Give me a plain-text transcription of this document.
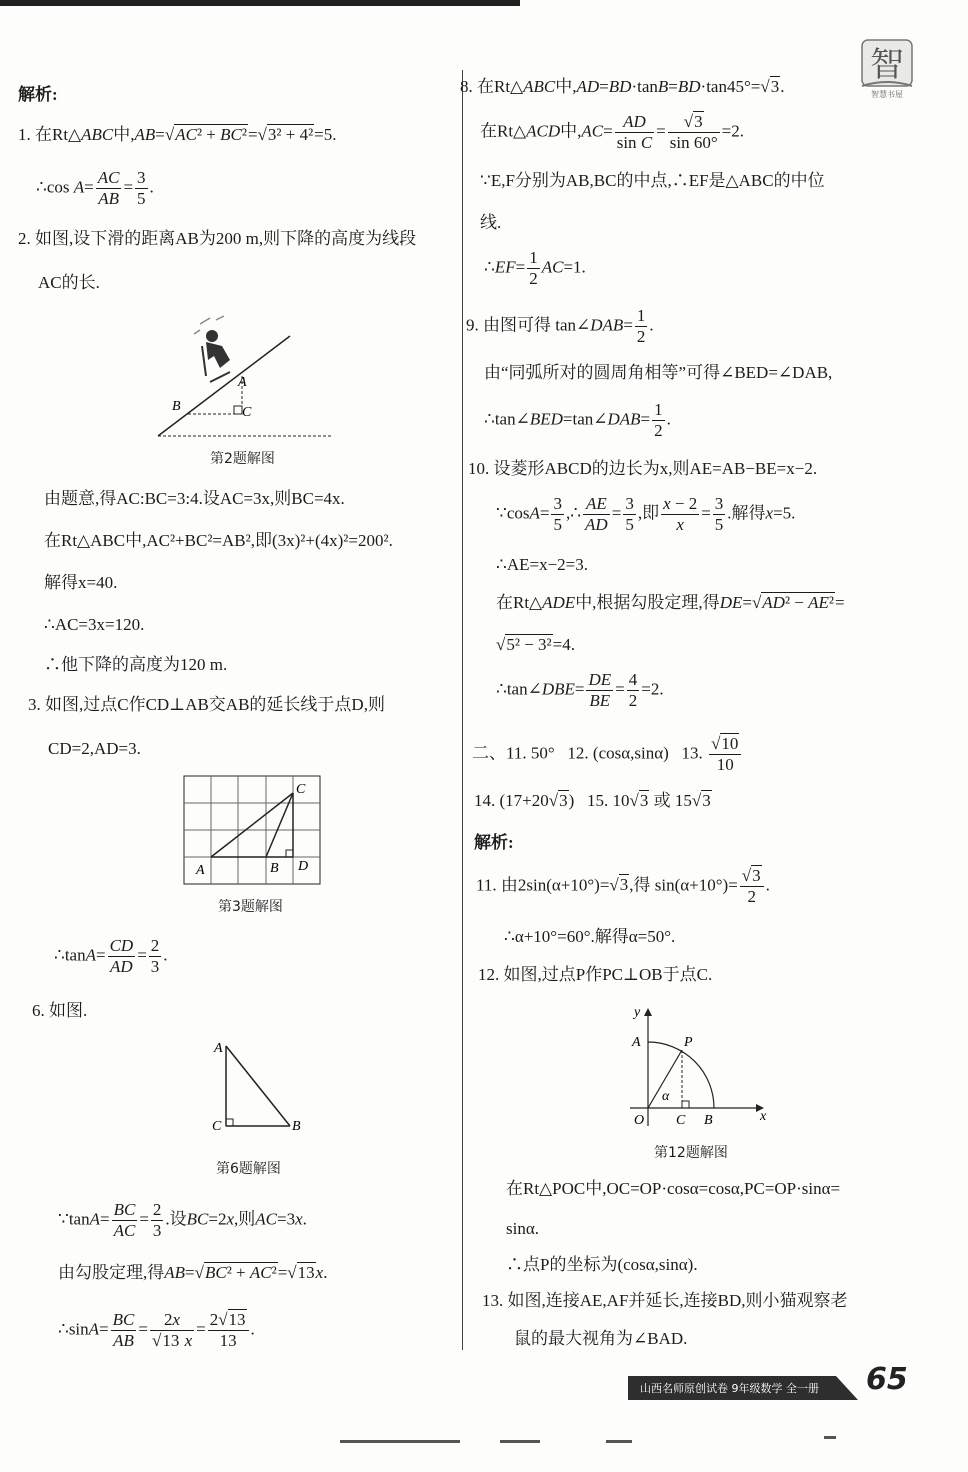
智
智慧书屋
解析:
1. 在Rt△ABC中,AB=√AC² + BC²=√3² + 4²=5.
∴cos $A= \frac{AC}{AB} = \frac{3}{5}$ .
2. 如图,设下滑的距离AB为200 m,则下降的高度为线段
AC的长.
A
B	C
第2题解图
由题意,得AC:BC=3:4.设AC=3x,则BC=4x.
在Rt△ABC中,AC²+BC²=AB²,即(3x)²+(4x)²=200².
解得x=40.
∴AC=3x=120.
∴他下降的高度为120 m.
3. 如图,过点C作CD⊥AB交AB的延长线于点D,则
CD=2,AD=3.
A	B
C
D
第3题解图
∴tanA= $\frac{CD}{AD} = \frac{2}{3}$ .
6. 如图.
A
C	B
第6题解图
∵tanA= $\frac{BC}{AC} = \frac{2}{3}$ .设BC=2x,则AC=3x.
由勾股定理,得AB=√BC² + AC²=√13x.
∴sinA= $\frac{BC}{AB} = \frac{2x}{√13 x} = \frac{2√13}{13}$ .
8. 在Rt△ABC中,AD=BD·tanB=BD·tan45°=√3.
在Rt△ACD中$,AC= \frac{AD}{\text{sin C}} = \frac{√3}{\sin 60^\circ} =2$.
∵E,F分别为AB,BC的中点,∴EF是△ABC的中位
线.
∴EF= $\frac{1}{2} AC=1$.
9. 由图可得 tan∠DAB= $\frac{1}{2}$ .
由“同弧所对的圆周角相等”可得∠BED=∠DAB,
∴tan∠BED=tan∠DAB= $\frac{1}{2}$ .
10. 设菱形ABCD的边长为x,则AE=AB−BE=x−2.
∵cosA= $\frac{3}{5}$ ,∴ $\frac{AE}{AD} = \frac{3}{5}$ ,即 $\frac{x - 2}{x} = \frac{3}{5}$ .解得x=5.
∴AE=x−2=3.
在Rt△ADE中,根据勾股定理,得DE=√AD² − AE²=
√5² − 3²=4.
∴tan∠DBE= $\frac{DE}{BE} = \frac{4}{2} =2$.
二、11. 50°   12. (cosα,sinα)   13. $\frac{√10}{10}$
14. (17+20√3)   15. 10√3 或 15√3
解析:
11. 由2sin(α+10°)=√3,得 $\sin(\alpha+10^\circ)= \frac{√3}{2}$ .
∴α+10°=60°.解得α=50°.
12. 如图,过点P作PC⊥OB于点C.
y
x
A	P
O C B
α
第12题解图
在Rt△POC中,OC=OP·cosα=cosα,PC=OP·sinα=
sinα.
∴点P的坐标为(cosα,sinα).
13. 如图,连接AE,AF并延长,连接BD,则小猫观察老
鼠的最大视角为∠BAD.
山西名师原创试卷 9年级数学 全一册 65
